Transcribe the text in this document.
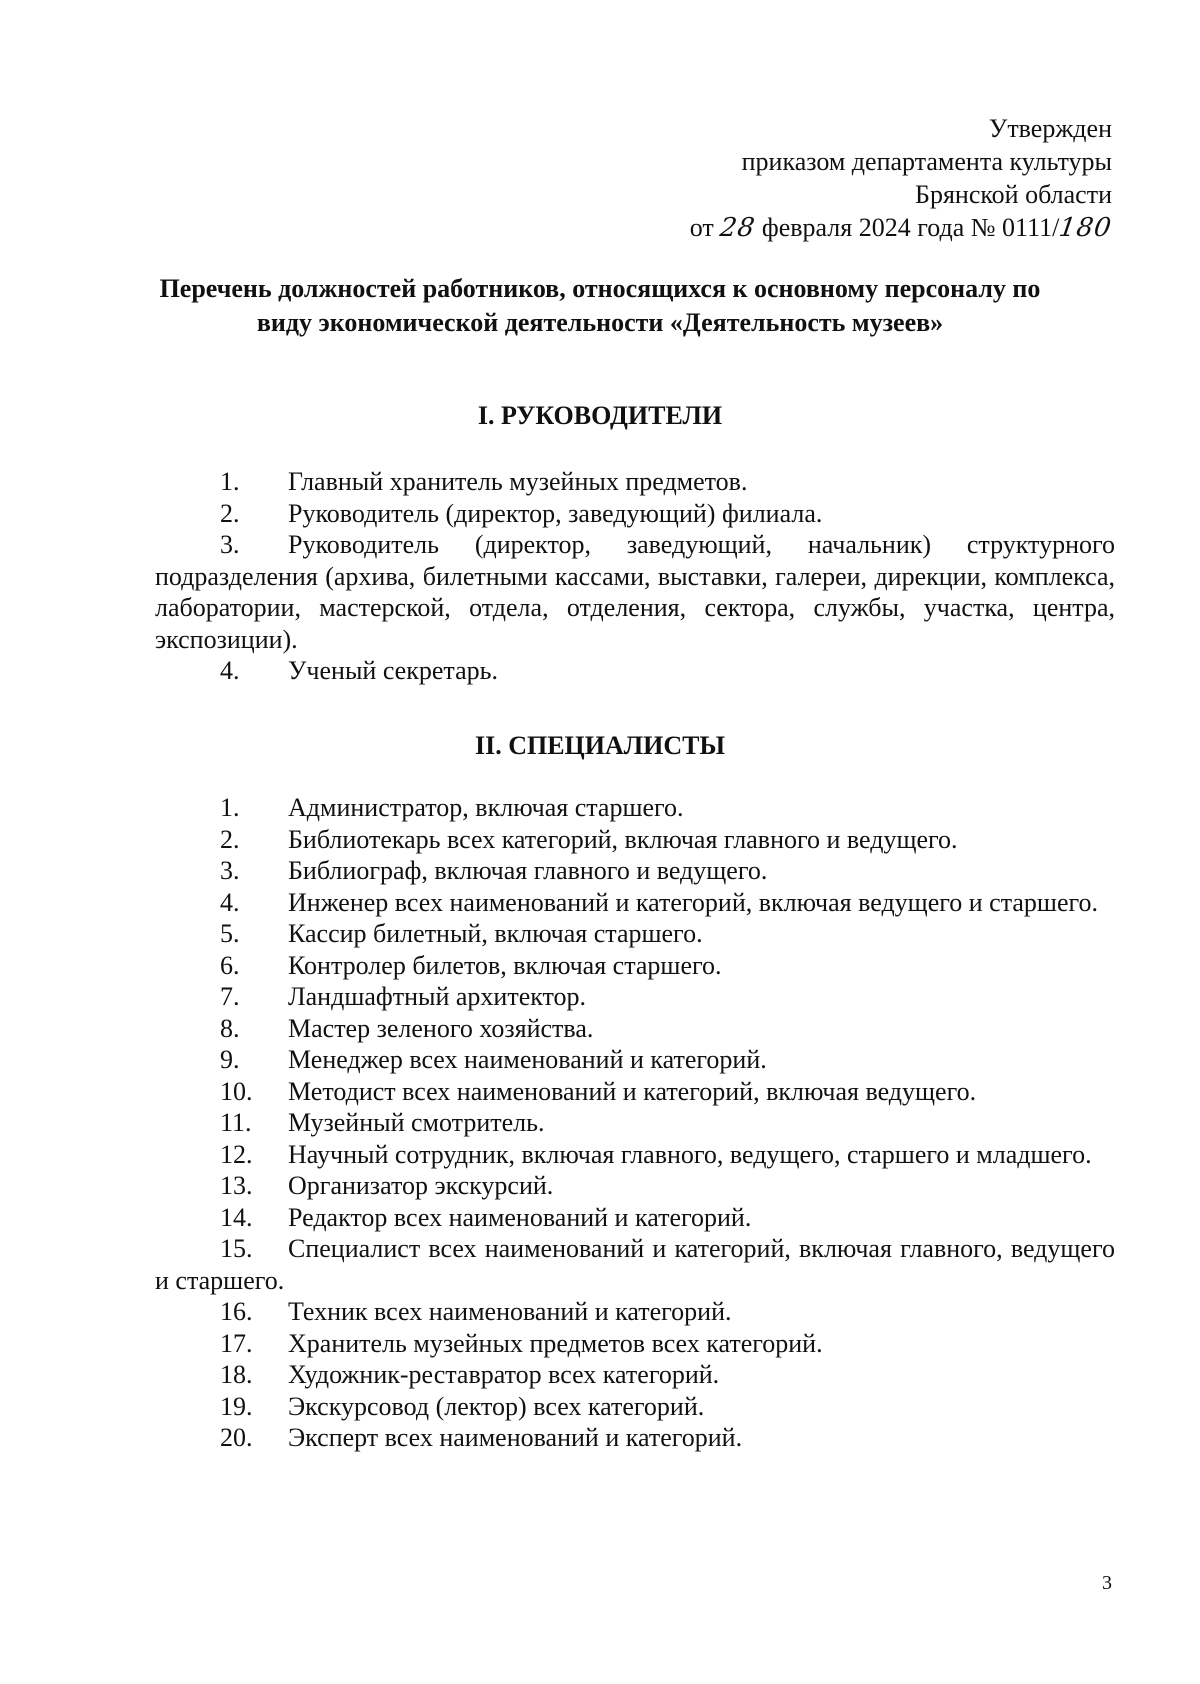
Утвержден
приказом департамента культуры
Брянской области
от 28 февраля 2024 года № 0111/180
Перечень должностей работников, относящихся к основному персоналу по
виду экономической деятельности «Деятельность музеев»
I. РУКОВОДИТЕЛИ

1. Главный хранитель музейных предметов.

2. Руководитель (директор, заведующий) филиала.

3. Руководитель (директор, заведующий, начальник) структурного подразделения (архива, билетными кассами, выставки, галереи, дирекции, комплекса, лаборатории, мастерской, отдела, отделения, сектора, службы, участка, центра, экспозиции).

4. Ученый секретарь.

II. СПЕЦИАЛИСТЫ

1. Администратор, включая старшего.

2. Библиотекарь всех категорий, включая главного и ведущего.

3. Библиограф, включая главного и ведущего.

4. Инженер всех наименований и категорий, включая ведущего и старшего.

5. Кассир билетный, включая старшего.

6. Контролер билетов, включая старшего.

7. Ландшафтный архитектор.

8. Мастер зеленого хозяйства.

9. Менеджер всех наименований и категорий.

10. Методист всех наименований и категорий, включая ведущего.

11. Музейный смотритель.

12. Научный сотрудник, включая главного, ведущего, старшего и младшего.

13. Организатор экскурсий.

14. Редактор всех наименований и категорий.

15. Специалист всех наименований и категорий, включая главного, ведущего и старшего.

16. Техник всех наименований и категорий.

17. Хранитель музейных предметов всех категорий.

18. Художник-реставратор всех категорий.

19. Экскурсовод (лектор) всех категорий.

20. Эксперт всех наименований и категорий.

3
